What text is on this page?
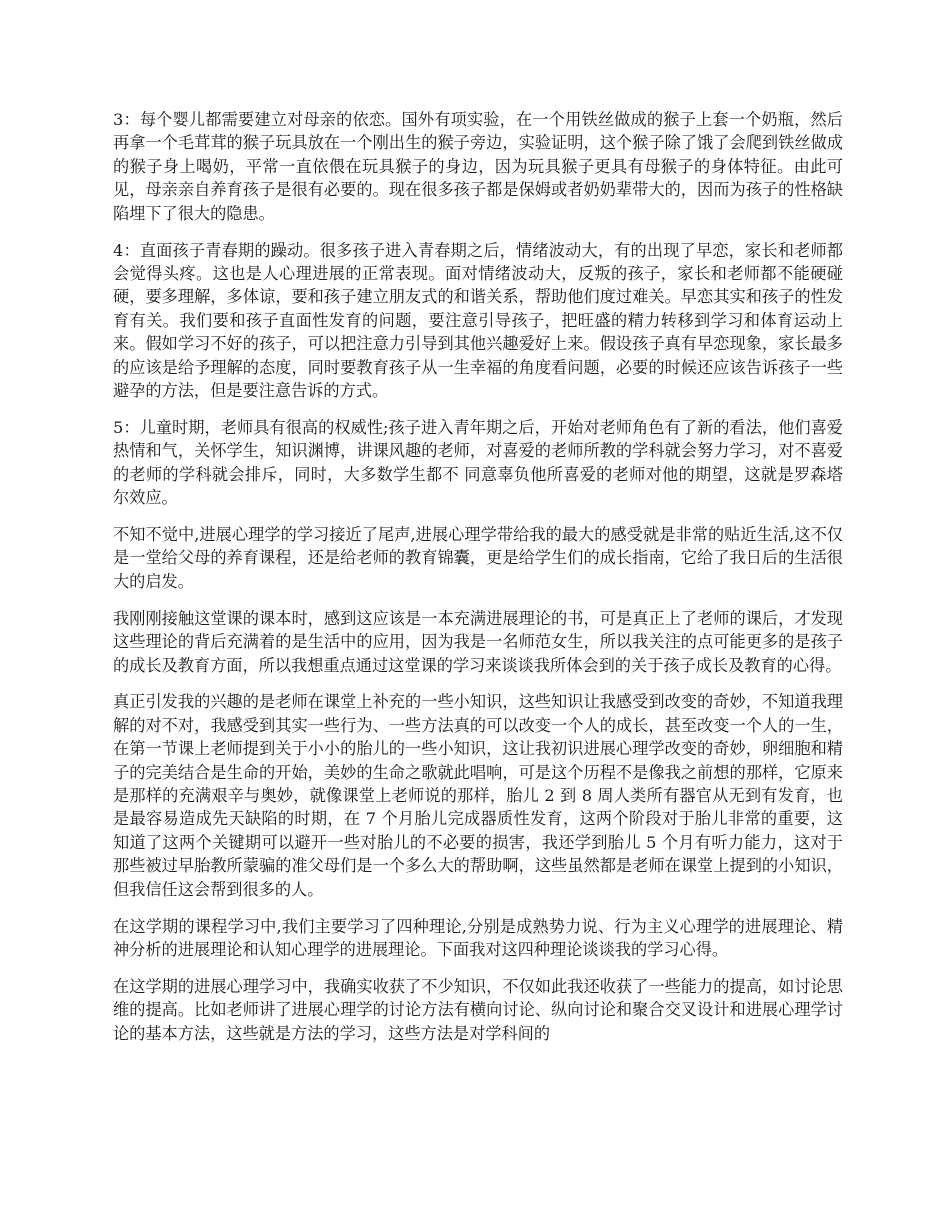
3：每个婴儿都需要建立对母亲的依恋。国外有项实验，在一个用铁丝做成的猴子上套一个奶瓶，然后再拿一个毛茸茸的猴子玩具放在一个刚出生的猴子旁边，实验证明，这个猴子除了饿了会爬到铁丝做成的猴子身上喝奶，平常一直依偎在玩具猴子的身边，因为玩具猴子更具有母猴子的身体特征。由此可见，母亲亲自养育孩子是很有必要的。现在很多孩子都是保姆或者奶奶辈带大的，因而为孩子的性格缺陷埋下了很大的隐患。

4：直面孩子青春期的躁动。很多孩子进入青春期之后，情绪波动大，有的出现了早恋，家长和老师都会觉得头疼。这也是人心理进展的正常表现。面对情绪波动大，反叛的孩子，家长和老师都不能硬碰硬，要多理解，多体谅，要和孩子建立朋友式的和谐关系，帮助他们度过难关。早恋其实和孩子的性发育有关。我们要和孩子直面性发育的问题，要注意引导孩子，把旺盛的精力转移到学习和体育运动上来。假如学习不好的孩子，可以把注意力引导到其他兴趣爱好上来。假设孩子真有早恋现象，家长最多的应该是给予理解的态度，同时要教育孩子从一生幸福的角度看问题，必要的时候还应该告诉孩子一些避孕的方法，但是要注意告诉的方式。

5：儿童时期，老师具有很高的权威性;孩子进入青年期之后，开始对老师角色有了新的看法，他们喜爱热情和气，关怀学生，知识渊博，讲课风趣的老师，对喜爱的老师所教的学科就会努力学习，对不喜爱的老师的学科就会排斥，同时，大多数学生都不 同意辜负他所喜爱的老师对他的期望，这就是罗森塔尔效应。

不知不觉中,进展心理学的学习接近了尾声,进展心理学带给我的最大的感受就是非常的贴近生活,这不仅是一堂给父母的养育课程，还是给老师的教育锦囊，更是给学生们的成长指南，它给了我日后的生活很大的启发。

我刚刚接触这堂课的课本时，感到这应该是一本充满进展理论的书，可是真正上了老师的课后，才发现这些理论的背后充满着的是生活中的应用，因为我是一名师范女生，所以我关注的点可能更多的是孩子的成长及教育方面，所以我想重点通过这堂课的学习来谈谈我所体会到的关于孩子成长及教育的心得。

真正引发我的兴趣的是老师在课堂上补充的一些小知识，这些知识让我感受到改变的奇妙，不知道我理解的对不对，我感受到其实一些行为、一些方法真的可以改变一个人的成长，甚至改变一个人的一生，在第一节课上老师提到关于小小的胎儿的一些小知识，这让我初识进展心理学改变的奇妙，卵细胞和精子的完美结合是生命的开始，美妙的生命之歌就此唱响，可是这个历程不是像我之前想的那样，它原来是那样的充满艰辛与奥妙，就像课堂上老师说的那样，胎儿 2 到 8 周人类所有器官从无到有发育，也是最容易造成先天缺陷的时期，在 7 个月胎儿完成器质性发育，这两个阶段对于胎儿非常的重要，这知道了这两个关键期可以避开一些对胎儿的不必要的损害，我还学到胎儿 5 个月有听力能力，这对于那些被过早胎教所蒙骗的准父母们是一个多么大的帮助啊，这些虽然都是老师在课堂上提到的小知识，但我信任这会帮到很多的人。

在这学期的课程学习中,我们主要学习了四种理论,分别是成熟势力说、行为主义心理学的进展理论、精神分析的进展理论和认知心理学的进展理论。下面我对这四种理论谈谈我的学习心得。

在这学期的进展心理学习中，我确实收获了不少知识，不仅如此我还收获了一些能力的提高，如讨论思维的提高。比如老师讲了进展心理学的讨论方法有横向讨论、纵向讨论和聚合交叉设计和进展心理学讨论的基本方法，这些就是方法的学习，这些方法是对学科间的
